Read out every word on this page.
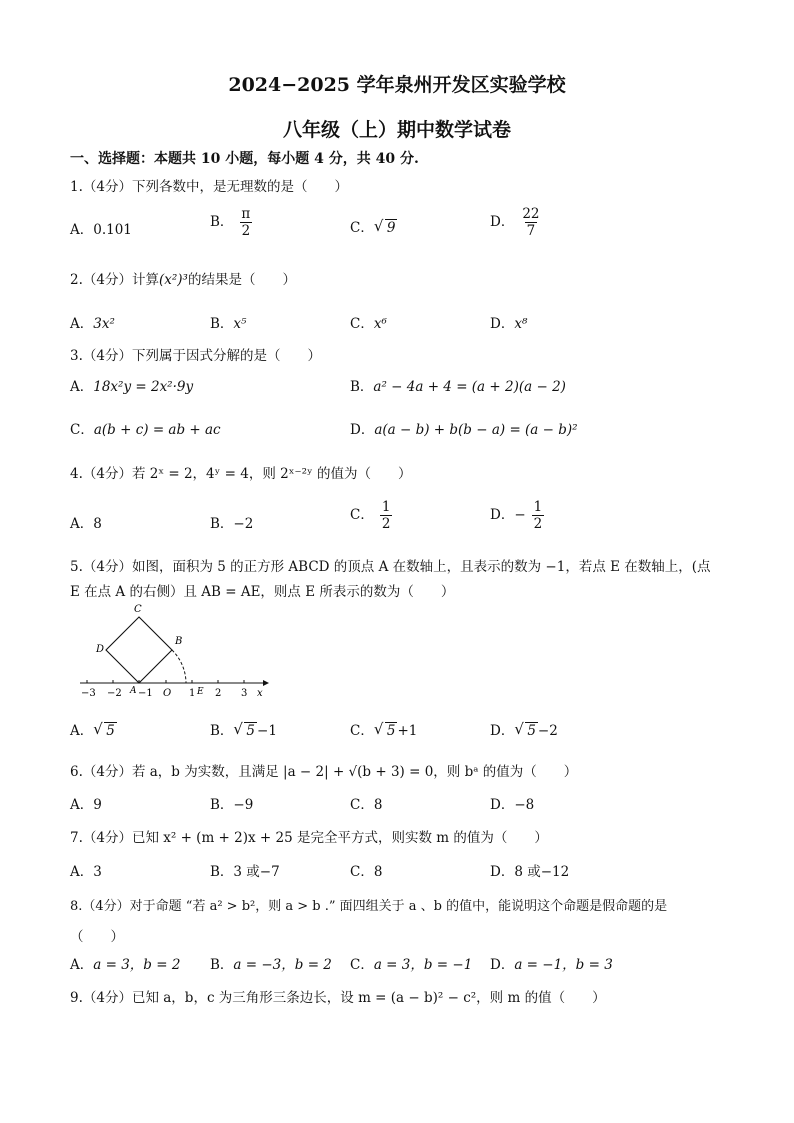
2024−2025 学年泉州开发区实验学校
八年级（上）期中数学试卷
一、选择题：本题共 10 小题，每小题 4 分，共 40 分.
1.（4分）下列各数中，是无理数的是（　　）
A．0.101	B． $\frac{\pi}{2}$	C． √ 9	D． $\frac{22}{7}$
2.（4分）计算(x²)³的结果是（　　）
A．3x²	B．x⁵	C．x⁶	D．x⁸
3.（4分）下列属于因式分解的是（　　）
A．18x²y = 2x²·9y	B．a² − 4a + 4 = (a + 2)(a − 2)
C．a(b + c) = ab + ac	D．a(a − b) + b(b − a) = (a − b)²
4.（4分）若 2ˣ = 2，4ʸ = 4，则 2ˣ⁻²ʸ 的值为（　　）
A．8	B．−2
C． $\frac{1}{2}$	D．− $\frac{1}{2}$
5.（4分）如图，面积为 5 的正方形 ABCD 的顶点 A 在数轴上，且表示的数为 −1，若点 E 在数轴上，(点
E 在点 A 的右侧）且 AB = AE，则点 E 所表示的数为（　　）
C
D
B
A	O	E	x
−3 −2 −1	1 2 3
A． √ 5	B． √ 5 −1	C． √ 5 +1	D． √ 5 −2
6.（4分）若 a，b 为实数，且满足 |a − 2| + √(b + 3) = 0，则 bᵃ 的值为（　　）
A．9	B．−9	C．8	D．−8
7.（4分）已知 x² + (m + 2)x + 25 是完全平方式，则实数 m 的值为（　　）
A．3	B．3 或−7	C．8	D．8 或−12
8.（4分）对于命题 “若 a² > b²，则 a > b .” 面四组关于 a 、b 的值中，能说明这个命题是假命题的是
（　　）
A．a = 3，b = 2 B．a = −3，b = 2 C．a = 3，b = −1 D．a = −1，b = 3
9.（4分）已知 a，b，c 为三角形三条边长，设 m = (a − b)² − c²，则 m 的值（　　）
